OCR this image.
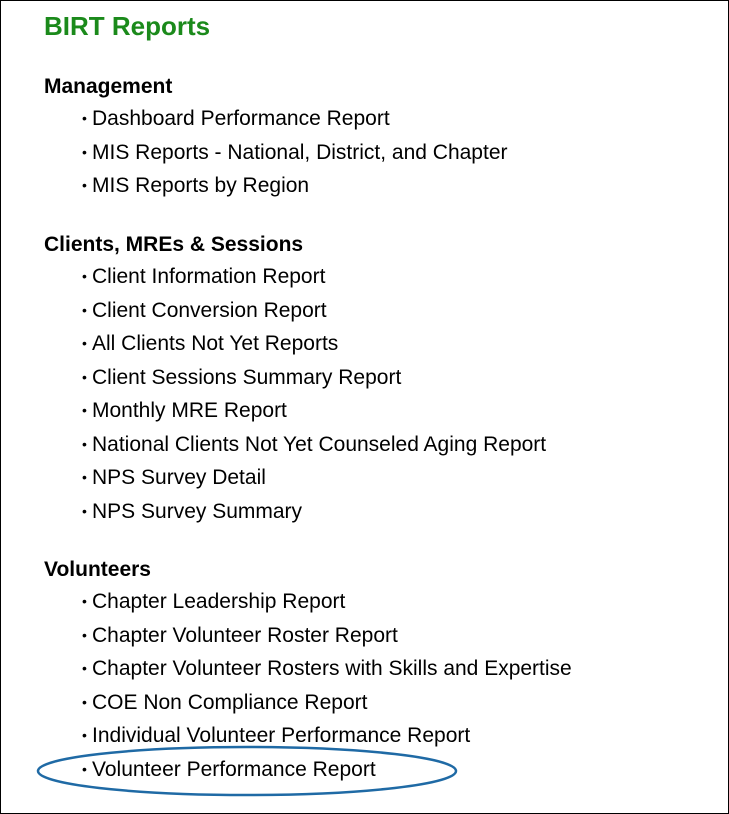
BIRT Reports
Management
• Dashboard Performance Report
• MIS Reports - National, District, and Chapter
• MIS Reports by Region
Clients, MREs & Sessions
• Client Information Report
• Client Conversion Report
• All Clients Not Yet Reports
• Client Sessions Summary Report
• Monthly MRE Report
• National Clients Not Yet Counseled Aging Report
• NPS Survey Detail
• NPS Survey Summary
Volunteers
• Chapter Leadership Report
• Chapter Volunteer Roster Report
• Chapter Volunteer Rosters with Skills and Expertise
• COE Non Compliance Report
• Individual Volunteer Performance Report
• Volunteer Performance Report
